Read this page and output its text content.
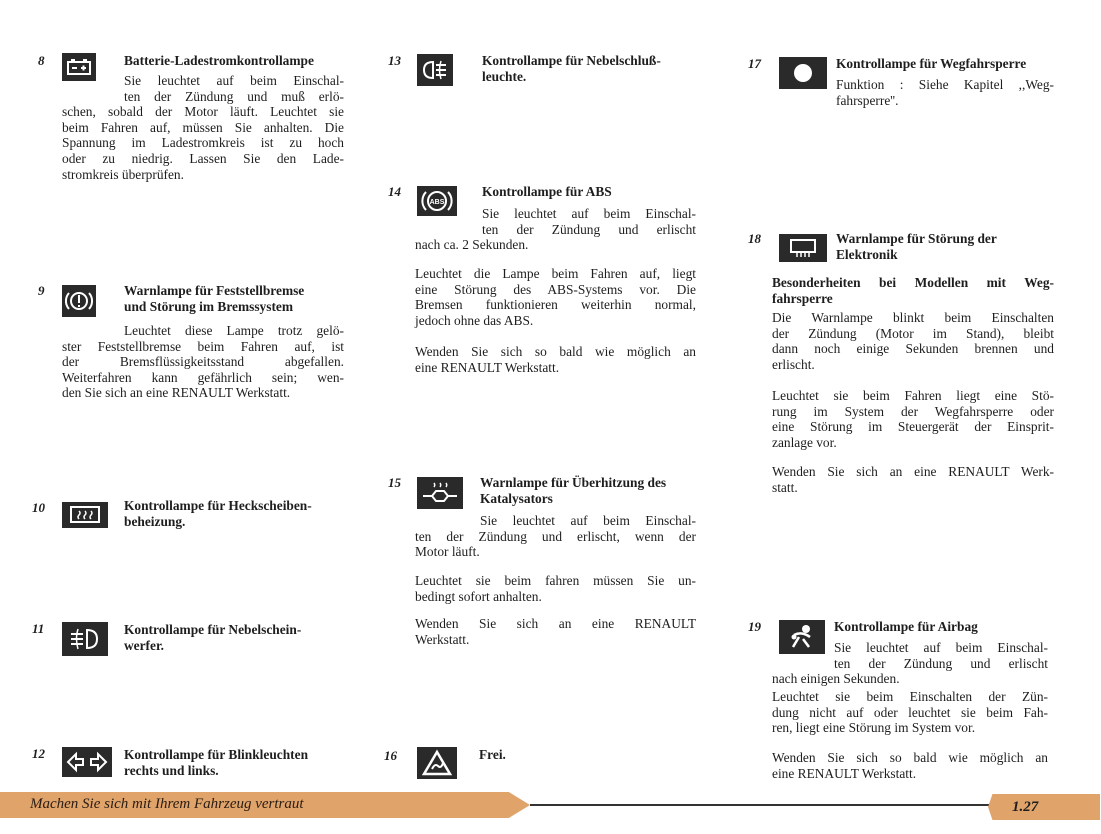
8	Batterie-Ladestromkontrollampe
Sie leuchtet auf beim Einschal-
ten der Zündung und muß erlö-
schen, sobald der Motor läuft. Leuchtet sie
beim Fahren auf, müssen Sie anhalten. Die
Spannung im Ladestromkreis ist zu hoch
oder zu niedrig. Lassen Sie den Lade-
stromkreis überprüfen.
9	Warnlampe für Feststellbremse
und Störung im Bremssystem
Leuchtet diese Lampe trotz gelö-
ster Feststellbremse beim Fahren auf, ist
der Bremsflüssigkeitsstand abgefallen.
Weiterfahren kann gefährlich sein; wen-
den Sie sich an eine RENAULT Werkstatt.
10	Kontrollampe für Heckscheiben-
beheizung.
11	Kontrollampe für Nebelschein-
werfer.
12	Kontrollampe für Blinkleuchten
rechts und links.
13	Kontrollampe für Nebelschluß-
leuchte.
14
ABS
Kontrollampe für ABS
Sie leuchtet auf beim Einschal-
ten der Zündung und erlischt
nach ca. 2 Sekunden.
Leuchtet die Lampe beim Fahren auf, liegt
eine Störung des ABS-Systems vor. Die
Bremsen funktionieren weiterhin normal,
jedoch ohne das ABS.
Wenden Sie sich so bald wie möglich an
eine RENAULT Werkstatt.
15	Warnlampe für Überhitzung des
Katalysators
Sie leuchtet auf beim Einschal-
ten der Zündung und erlischt, wenn der
Motor läuft.
Leuchtet sie beim fahren müssen Sie un-
bedingt sofort anhalten.
Wenden Sie sich an eine RENAULT
Werkstatt.
16	Frei.
17	Kontrollampe für Wegfahrsperre
Funktion : Siehe Kapitel ,,Weg-
fahrsperre''.
18	Warnlampe für Störung der
Elektronik
Besonderheiten bei Modellen mit Weg-
fahrsperre
Die Warnlampe blinkt beim Einschalten
der Zündung (Motor im Stand), bleibt
dann noch einige Sekunden brennen und
erlischt.
Leuchtet sie beim Fahren liegt eine Stö-
rung im System der Wegfahrsperre oder
eine Störung im Steuergerät der Einsprit-
zanlage vor.
Wenden Sie sich an eine RENAULT Werk-
statt.
19	Kontrollampe für Airbag
Sie leuchtet auf beim Einschal-
ten der Zündung und erlischt
nach einigen Sekunden.
Leuchtet sie beim Einschalten der Zün-
dung nicht auf oder leuchtet sie beim Fah-
ren, liegt eine Störung im System vor.
Wenden Sie sich so bald wie möglich an
eine RENAULT Werkstatt.
Machen Sie sich mit Ihrem Fahrzeug vertraut	1.27
